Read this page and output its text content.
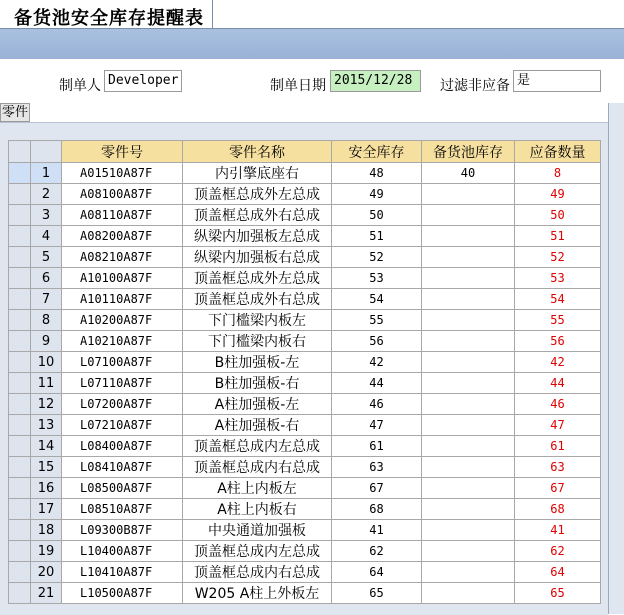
备货池安全库存提醒表
制单人 Developer	制单日期 2015/12/28	过滤非应备 是
零件
		零件号	零件名称	安全库存	备货池库存	应备数量
	1	A01510A87F	内引擎底座右	48	40	8
	2	A08100A87F	顶盖框总成外左总成	49		49
	3	A08110A87F	顶盖框总成外右总成	50		50
	4	A08200A87F	纵梁内加强板左总成	51		51
	5	A08210A87F	纵梁内加强板右总成	52		52
	6	A10100A87F	顶盖框总成外左总成	53		53
	7	A10110A87F	顶盖框总成外右总成	54		54
	8	A10200A87F	下门槛梁内板左	55		55
	9	A10210A87F	下门槛梁内板右	56		56
	10	L07100A87F	B柱加强板-左	42		42
	11	L07110A87F	B柱加强板-右	44		44
	12	L07200A87F	A柱加强板-左	46		46
	13	L07210A87F	A柱加强板-右	47		47
	14	L08400A87F	顶盖框总成内左总成	61		61
	15	L08410A87F	顶盖框总成内右总成	63		63
	16	L08500A87F	A柱上内板左	67		67
	17	L08510A87F	A柱上内板右	68		68
	18	L09300B87F	中央通道加强板	41		41
	19	L10400A87F	顶盖框总成内左总成	62		62
	20	L10410A87F	顶盖框总成内右总成	64		64
	21	L10500A87F	W205 A柱上外板左	65		65
